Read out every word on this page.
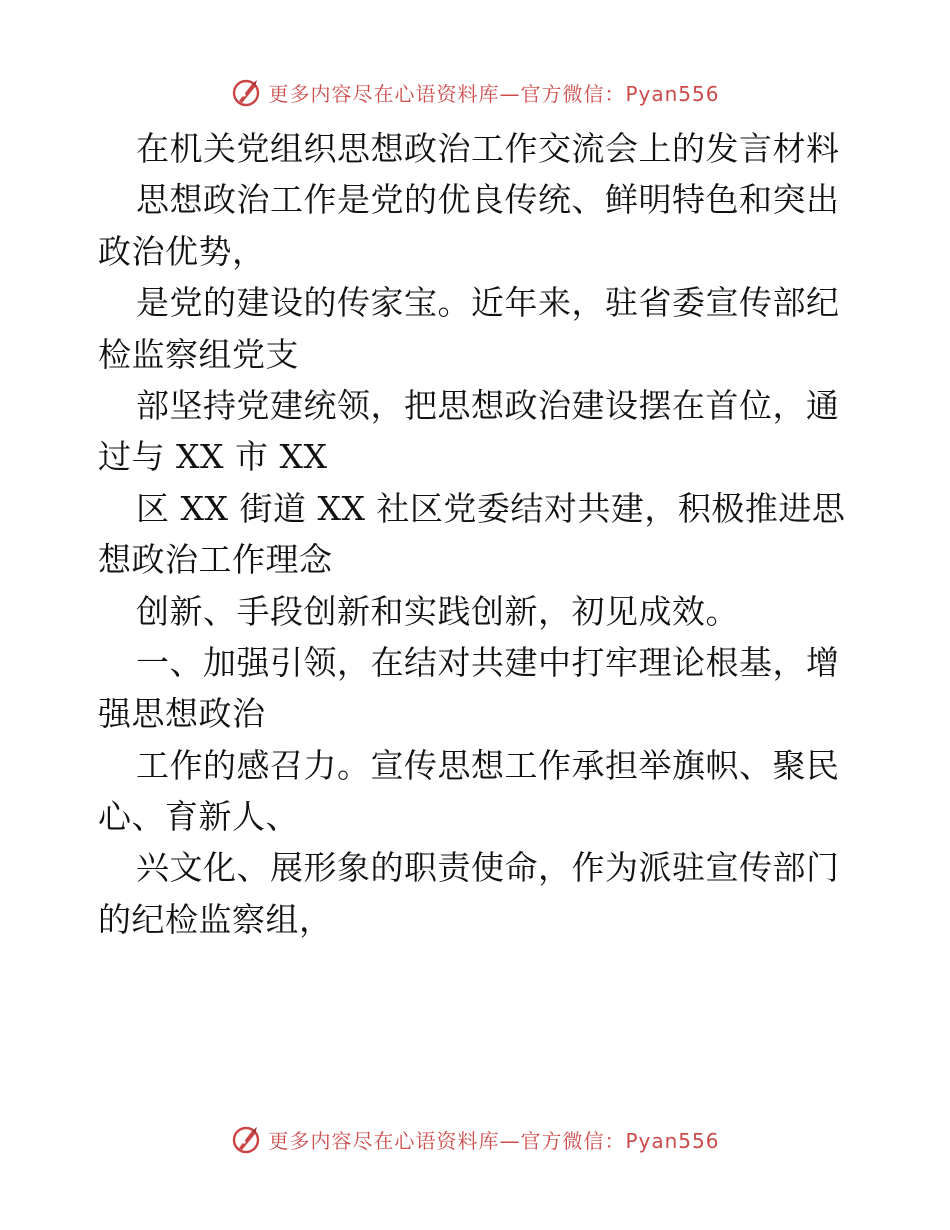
更多内容尽在心语资料库—官方微信：Pyan556
在机关党组织思想政治工作交流会上的发言材料
思想政治工作是党的优良传统、鲜明特色和突出
政治优势，
是党的建设的传家宝。近年来，驻省委宣传部纪
检监察组党支
部坚持党建统领，把思想政治建设摆在首位，通
过与 XX 市 XX
区 XX 街道 XX 社区党委结对共建，积极推进思
想政治工作理念
创新、手段创新和实践创新，初见成效。
一、加强引领，在结对共建中打牢理论根基，增
强思想政治
工作的感召力。宣传思想工作承担举旗帜、聚民
心、育新人、
兴文化、展形象的职责使命，作为派驻宣传部门
的纪检监察组，
更多内容尽在心语资料库—官方微信：Pyan556
